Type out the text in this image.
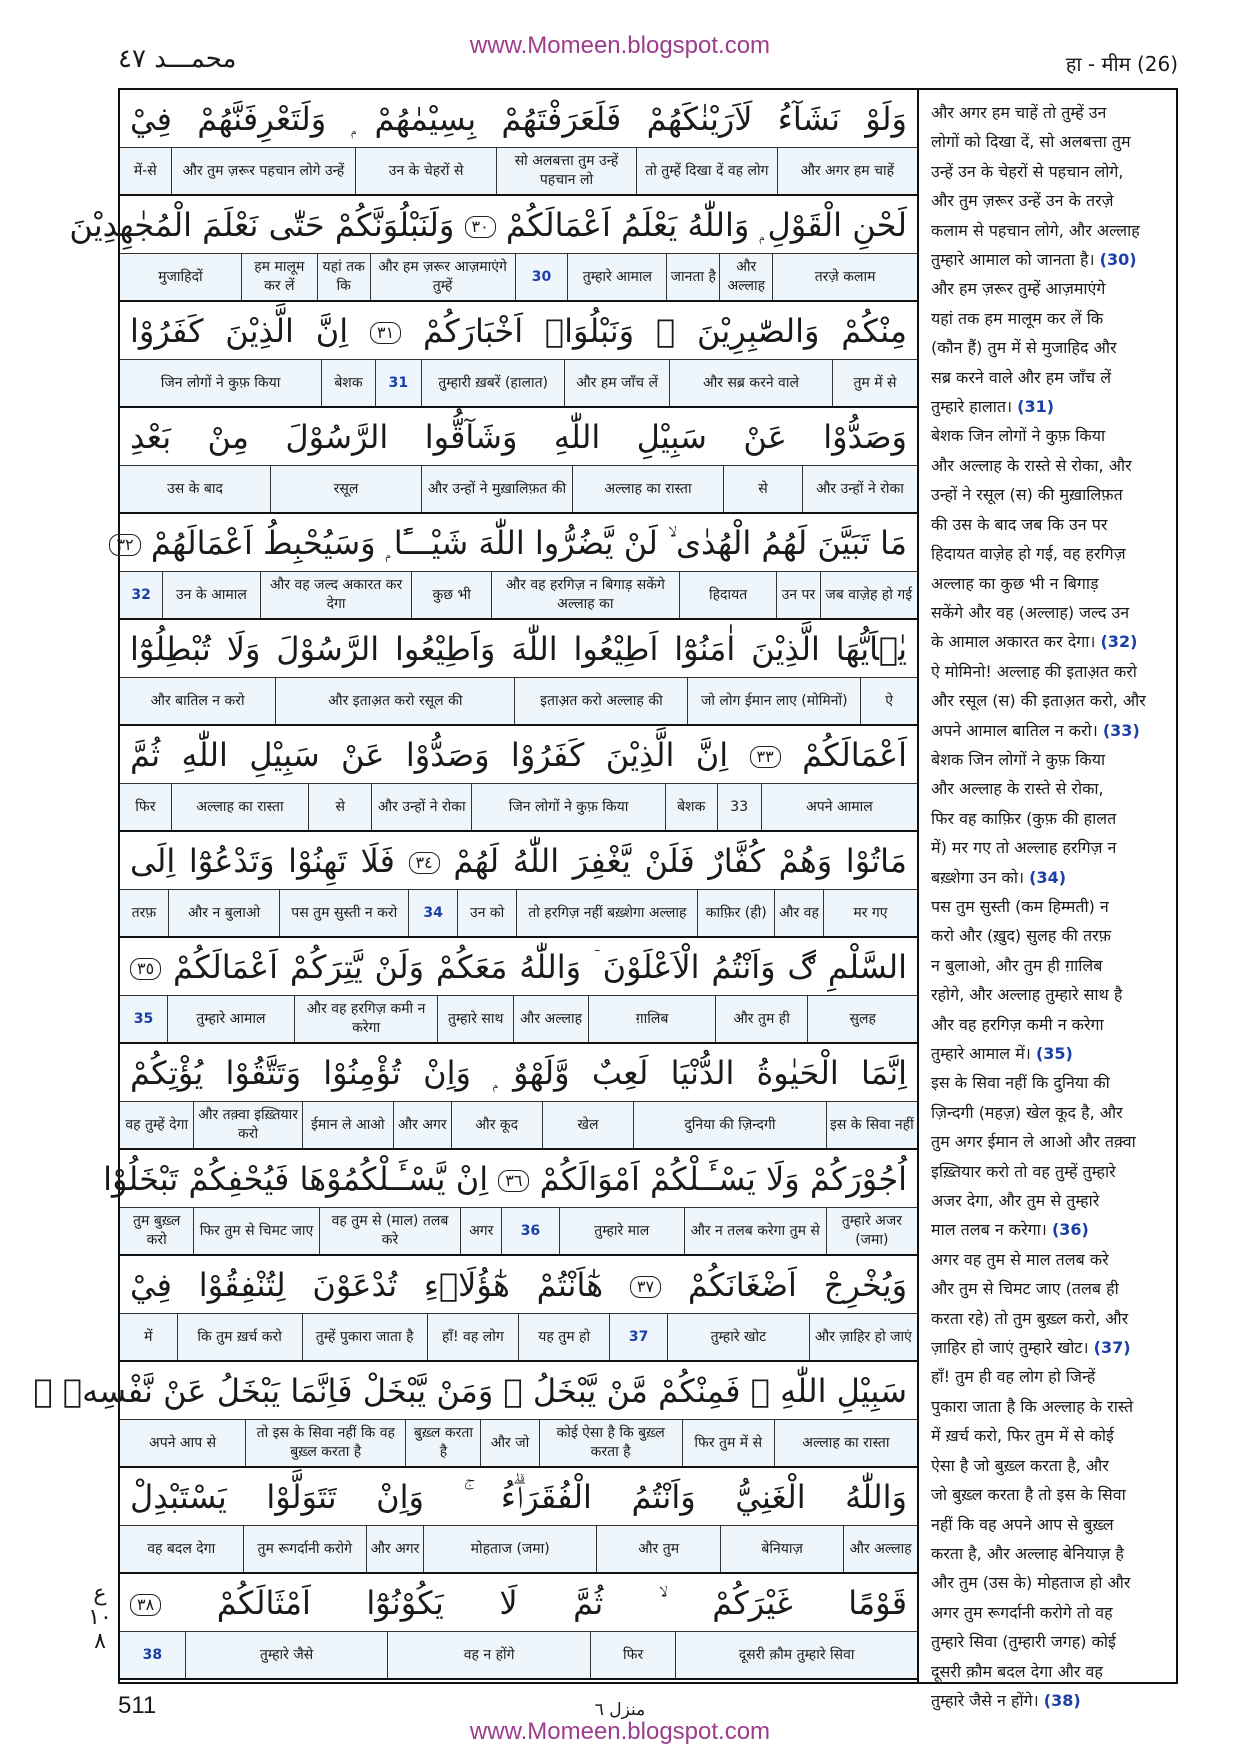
www.Momeen.blogspot.com
محمـــد ٤٧	हा - मीम (26)
وَلَوْ نَشَآءُ لَاَرَيْنٰكَهُمْ فَلَعَرَفْتَهُمْ بِسِيْمٰهُمْ ۭ وَلَتَعْرِفَنَّهُمْ فِيْ
और अगर हम चाहें
तो तुम्हें दिखा दें वह लोग
सो अलबत्ता तुम उन्हें पहचान लो
उन के चेहरों से
और तुम ज़रूर पहचान लोगे उन्हें
में-से
لَحْنِ الْقَوْلِ ۭ وَاللّٰهُ يَعْلَمُ اَعْمَالَكُمْ ٣٠ وَلَنَبْلُوَنَّكُمْ حَتّٰى نَعْلَمَ الْمُجٰهِدِيْنَ
तरज़े कलाम
और अल्लाह
जानता है
तुम्हारे आमाल
30
और हम ज़रूर आज़माएंगे तुम्हें
यहां तक कि
हम मालूम कर लें
मुजाहिदों
مِنْكُمْ وَالصّٰبِرِيْنَ ۙ وَنَبْلُوَا۟ اَخْبَارَكُمْ ٣١ اِنَّ الَّذِيْنَ كَفَرُوْا
तुम में से
और सब्र करने वाले
और हम जाँच लें
तुम्हारी ख़बरें (हालात)
31
बेशक
जिन लोगों ने कुफ़ किया
وَصَدُّوْا عَنْ سَبِيْلِ اللّٰهِ وَشَآقُّوا الرَّسُوْلَ مِنْ بَعْدِ
और उन्हों ने रोका
से
अल्लाह का रास्ता
और उन्हों ने मुख़ालिफ़त की
रसूल
उस के बाद
مَا تَبَيَّنَ لَهُمُ الْهُدٰى ۙ لَنْ يَّضُرُّوا اللّٰهَ شَيْـــًٔا ۭ وَسَيُحْبِطُ اَعْمَالَهُمْ ٣٢
जब वाज़ेह हो गई
उन पर
हिदायत
और वह हरगिज़ न बिगाड़ सकेंगे अल्लाह का
कुछ भी
और वह जल्द अकारत कर देगा
उन के आमाल
32
يٰۗاَيُّهَا الَّذِيْنَ اٰمَنُوْٓا اَطِيْعُوا اللّٰهَ وَاَطِيْعُوا الرَّسُوْلَ وَلَا تُبْطِلُوْٓا
ऐ
जो लोग ईमान लाए (मोमिनों)
इताअ़त करो अल्लाह की
और इताअ़त करो रसूल की
और बातिल न करो
اَعْمَالَكُمْ ٣٣ اِنَّ الَّذِيْنَ كَفَرُوْا وَصَدُّوْا عَنْ سَبِيْلِ اللّٰهِ ثُمَّ
अपने आमाल
33
बेशक
जिन लोगों ने कुफ़ किया
और उन्हों ने रोका
से
अल्लाह का रास्ता
फिर
مَاتُوْا وَهُمْ كُفَّارٌ فَلَنْ يَّغْفِرَ اللّٰهُ لَهُمْ ٣٤ فَلَا تَهِنُوْا وَتَدْعُوْٓا اِلَى
मर गए
और वह
काफ़िर (ही)
तो हरगिज़ नहीं बख़्शेगा अल्लाह
उन को
34
पस तुम सुस्ती न करो
और न बुलाओ
तरफ़
السَّلْمِ ڰ وَاَنْتُمُ الْاَعْلَوْنَ ۤ وَاللّٰهُ مَعَكُمْ وَلَنْ يَّتِرَكُمْ اَعْمَالَكُمْ ٣٥
सुलह
और तुम ही
ग़ालिब
और अल्लाह
तुम्हारे साथ
और वह हरगिज़ कमी न करेगा
तुम्हारे आमाल
35
اِنَّمَا الْحَيٰوةُ الدُّنْيَا لَعِبٌ وَّلَهْوٌ ۭ وَاِنْ تُؤْمِنُوْا وَتَتَّقُوْا يُؤْتِكُمْ
इस के सिवा नहीं
दुनिया की ज़िन्दगी
खेल
और कूद
और अगर
ईमान ले आओ
और तक़्वा इख़्तियार करो
वह तुम्हें देगा
اُجُوْرَكُمْ وَلَا يَسْـَٔـلْكُمْ اَمْوَالَكُمْ ٣٦ اِنْ يَّسْـَٔـلْكُمُوْهَا فَيُحْفِكُمْ تَبْخَلُوْا
तुम्हारे अजर (जमा)
और न तलब करेगा तुम से
तुम्हारे माल
36
अगर
वह तुम से (माल) तलब करे
फिर तुम से चिमट जाए
तुम बुख़्ल करो
وَيُخْرِجْ اَضْغَانَكُمْ ٣٧ هٰٓاَنْتُمْ هٰٓؤُلَاۗءِ تُدْعَوْنَ لِتُنْفِقُوْا فِيْ
और ज़ाहिर हो जाएं
तुम्हारे खोट
37
यह तुम हो
हाँ! वह लोग
तुम्हें पुकारा जाता है
कि तुम ख़र्च करो
में
سَبِيْلِ اللّٰهِ ۚ فَمِنْكُمْ مَّنْ يَّبْخَلُ ۚ وَمَنْ يَّبْخَلْ فَاِنَّمَا يَبْخَلُ عَنْ نَّفْسِهٖ ۭ
अल्लाह का रास्ता
फिर तुम में से
कोई ऐसा है कि बुख़्ल करता है
और जो
बुख़्ल करता है
तो इस के सिवा नहीं कि वह बुख़्ल करता है
अपने आप से
وَاللّٰهُ الْغَنِيُّ وَاَنْتُمُ الْفُقَرَاۗءُ ۚ وَاِنْ تَتَوَلَّوْا يَسْتَبْدِلْ
और अल्लाह
बेनियाज़
और तुम
मोहताज (जमा)
और अगर
तुम रूगर्दानी करोगे
वह बदल देगा
قَوْمًا غَيْرَكُمْ ۙ ثُمَّ لَا يَكُوْنُوْٓا اَمْثَالَكُمْ ٣٨
दूसरी क़ौम तुम्हारे सिवा
फिर
वह न होंगे
तुम्हारे जैसे
38
और अगर हम चाहें तो तुम्हें उन
लोगों को दिखा दें, सो अलबत्ता तुम
उन्हें उन के चेहरों से पहचान लोगे,
और तुम ज़रूर उन्हें उन के तरज़े
कलाम से पहचान लोगे, और अल्लाह
तुम्हारे आमाल को जानता है। (30)
और हम ज़रूर तुम्हें आज़माएंगे
यहां तक हम मालूम कर लें कि
(कौन हैं) तुम में से मुजाहिद और
सब्र करने वाले और हम जाँच लें
तुम्हारे हालात। (31)
बेशक जिन लोगों ने कुफ़ किया
और अल्लाह के रास्ते से रोका, और
उन्हों ने रसूल (स) की मुख़ालिफ़त
की उस के बाद जब कि उन पर
हिदायत वाज़ेह हो गई, वह हरगिज़
अल्लाह का कुछ भी न बिगाड़
सकेंगे और वह (अल्लाह) जल्द उन
के आमाल अकारत कर देगा। (32)
ऐ मोमिनो! अल्लाह की इताअ़त करो
और रसूल (स) की इताअ़त करो, और
अपने आमाल बातिल न करो। (33)
बेशक जिन लोगों ने कुफ़ किया
और अल्लाह के रास्ते से रोका,
फिर वह काफ़िर (कुफ़ की हालत
में) मर गए तो अल्लाह हरगिज़ न
बख़्शेगा उन को। (34)
पस तुम सुस्ती (कम हिम्मती) न
करो और (ख़ुद) सुलह की तरफ़
न बुलाओ, और तुम ही ग़ालिब
रहोगे, और अल्लाह तुम्हारे साथ है
और वह हरगिज़ कमी न करेगा
तुम्हारे आमाल में। (35)
इस के सिवा नहीं कि दुनिया की
ज़िन्दगी (महज़) खेल कूद है, और
तुम अगर ईमान ले आओ और तक़्वा
इख़्तियार करो तो वह तुम्हें तुम्हारे
अजर देगा, और तुम से तुम्हारे
माल तलब न करेगा। (36)
अगर वह तुम से माल तलब करे
और तुम से चिमट जाए (तलब ही
करता रहे) तो तुम बुख़्ल करो, और
ज़ाहिर हो जाएं तुम्हारे खोट। (37)
हाँ! तुम ही वह लोग हो जिन्हें
पुकारा जाता है कि अल्लाह के रास्ते
में ख़र्च करो, फिर तुम में से कोई
ऐसा है जो बुख़्ल करता है, और
जो बुख़्ल करता है तो इस के सिवा
नहीं कि वह अपने आप से बुख़्ल
करता है, और अल्लाह बेनियाज़ है
और तुम (उस के) मोहताज हो और
अगर तुम रूगर्दानी करोगे तो वह
तुम्हारे सिवा (तुम्हारी जगह) कोई
दूसरी क़ौम बदल देगा और वह
तुम्हारे जैसे न होंगे। (38)
ع
١٠
٨
511	منزل ٦
www.Momeen.blogspot.com
